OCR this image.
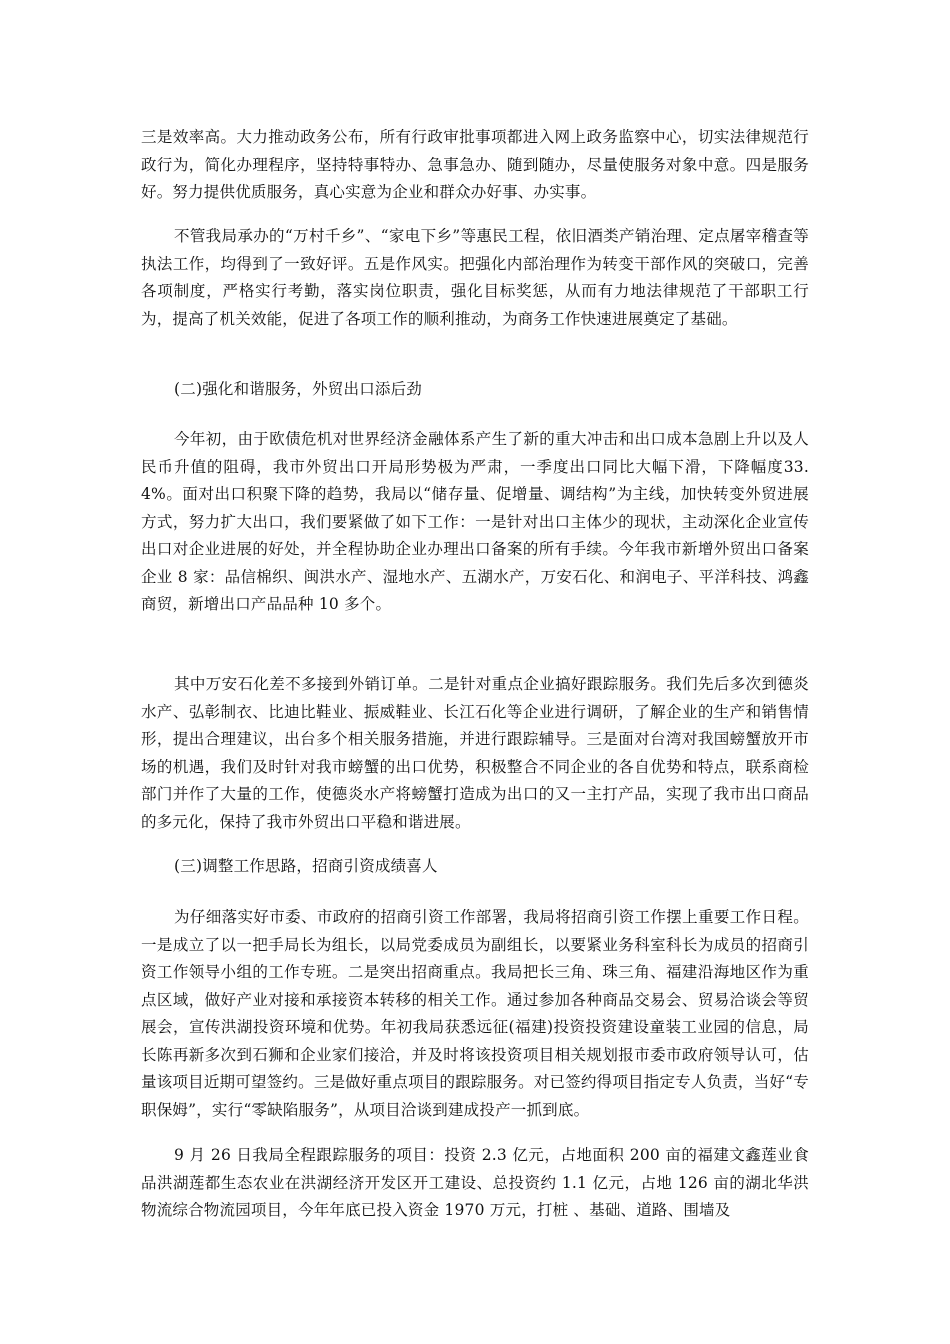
三是效率高。大力推动政务公布，所有行政审批事项都进入网上政务监察中心，切实法律规范行政行为，简化办理程序，坚持特事特办、急事急办、随到随办，尽量使服务对象中意。四是服务好。努力提供优质服务，真心实意为企业和群众办好事、办实事。

不管我局承办的“万村千乡”、“家电下乡”等惠民工程，依旧酒类产销治理、定点屠宰稽查等执法工作，均得到了一致好评。五是作风实。把强化内部治理作为转变干部作风的突破口，完善各项制度，严格实行考勤，落实岗位职责，强化目标奖惩，从而有力地法律规范了干部职工行为，提高了机关效能，促进了各项工作的顺利推动，为商务工作快速进展奠定了基础。

(二)强化和谐服务，外贸出口添后劲

今年初，由于欧债危机对世界经济金融体系产生了新的重大冲击和出口成本急剧上升以及人民币升值的阻碍，我市外贸出口开局形势极为严肃，一季度出口同比大幅下滑，下降幅度33.4%。面对出口积聚下降的趋势，我局以“储存量、促增量、调结构”为主线，加快转变外贸进展方式，努力扩大出口，我们要紧做了如下工作：一是针对出口主体少的现状，主动深化企业宣传出口对企业进展的好处，并全程协助企业办理出口备案的所有手续。今年我市新增外贸出口备案企业 8 家：品信棉织、闽洪水产、湿地水产、五湖水产，万安石化、和润电子、平洋科技、鸿鑫商贸，新增出口产品品种 10 多个。

其中万安石化差不多接到外销订单。二是针对重点企业搞好跟踪服务。我们先后多次到德炎水产、弘彰制衣、比迪比鞋业、振威鞋业、长江石化等企业进行调研，了解企业的生产和销售情形，提出合理建议，出台多个相关服务措施，并进行跟踪辅导。三是面对台湾对我国螃蟹放开市场的机遇，我们及时针对我市螃蟹的出口优势，积极整合不同企业的各自优势和特点，联系商检部门并作了大量的工作，使德炎水产将螃蟹打造成为出口的又一主打产品，实现了我市出口商品的多元化，保持了我市外贸出口平稳和谐进展。

(三)调整工作思路，招商引资成绩喜人

为仔细落实好市委、市政府的招商引资工作部署，我局将招商引资工作摆上重要工作日程。一是成立了以一把手局长为组长，以局党委成员为副组长，以要紧业务科室科长为成员的招商引资工作领导小组的工作专班。二是突出招商重点。我局把长三角、珠三角、福建沿海地区作为重点区域，做好产业对接和承接资本转移的相关工作。通过参加各种商品交易会、贸易洽谈会等贸展会，宣传洪湖投资环境和优势。年初我局获悉远征(福建)投资投资建设童装工业园的信息，局长陈再新多次到石狮和企业家们接洽，并及时将该投资项目相关规划报市委市政府领导认可，估量该项目近期可望签约。三是做好重点项目的跟踪服务。对已签约得项目指定专人负责，当好“专职保姆”，实行“零缺陷服务”，从项目洽谈到建成投产一抓到底。

9 月 26 日我局全程跟踪服务的项目：投资 2.3 亿元，占地面积 200 亩的福建文鑫莲业食品洪湖莲都生态农业在洪湖经济开发区开工建设、总投资约 1.1 亿元，占地 126 亩的湖北华洪物流综合物流园项目，今年年底已投入资金 1970 万元，打桩 、基础、道路、围墙及
